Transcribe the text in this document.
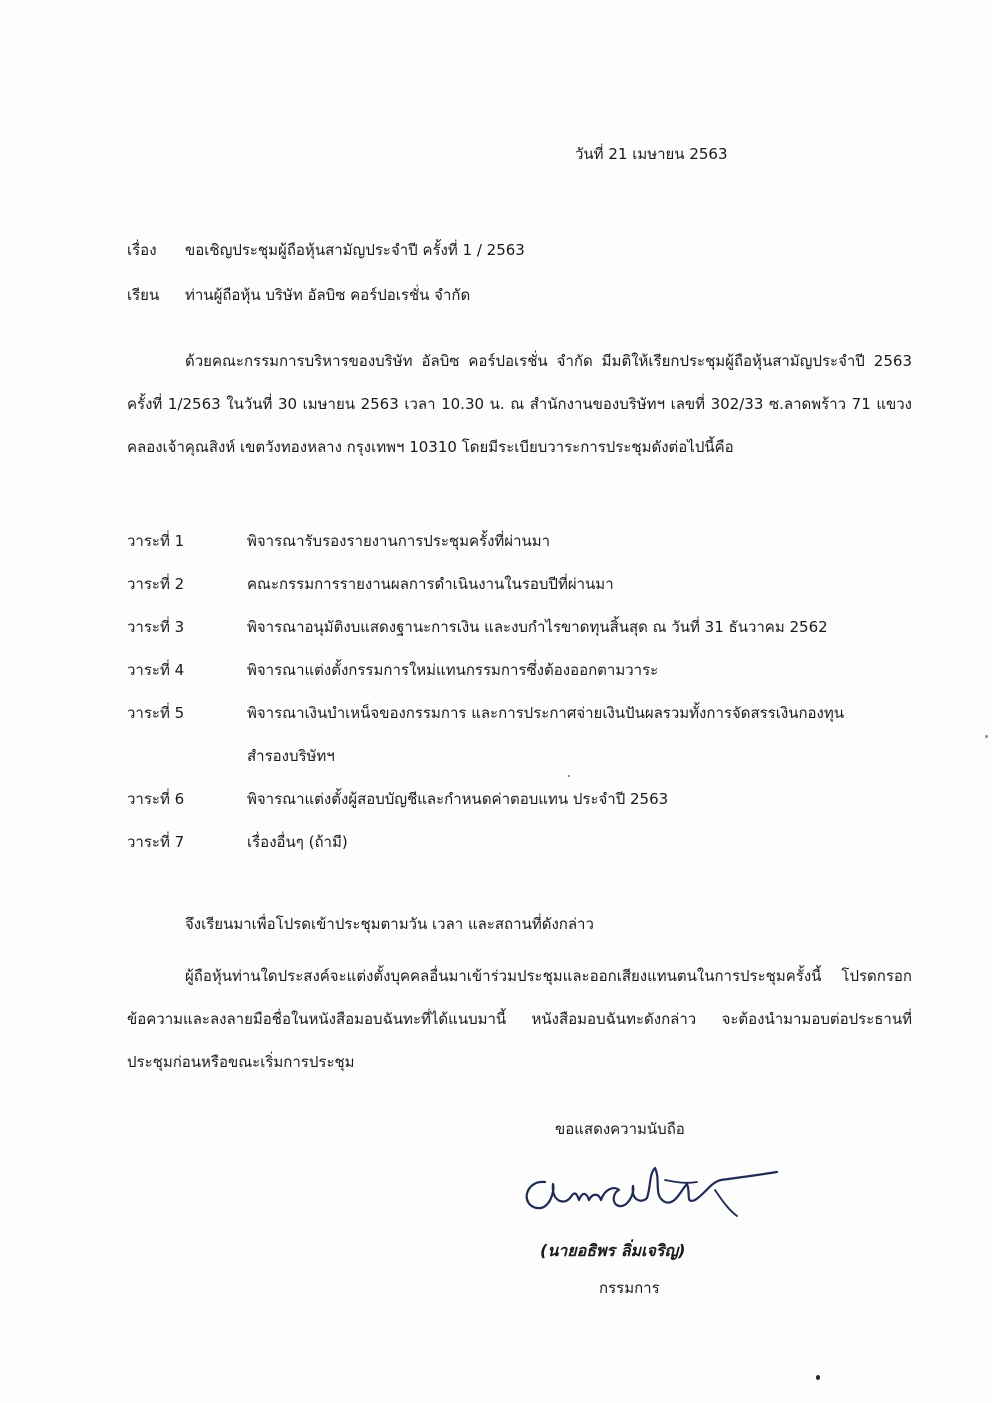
วันที่ 21 เมษายน 2563
เรื่อง ขอเชิญประชุมผู้ถือหุ้นสามัญประจำปี ครั้งที่ 1 / 2563
เรียน ท่านผู้ถือหุ้น บริษัท อัลบิซ คอร์ปอเรชั่น จำกัด

ด้วยคณะกรรมการบริหารของบริษัท อัลบิซ คอร์ปอเรชั่น จำกัด มีมติให้เรียกประชุมผู้ถือหุ้นสามัญประจำปี 2563 ครั้งที่ 1/2563 ในวันที่ 30 เมษายน 2563 เวลา 10.30 น. ณ สำนักงานของบริษัทฯ เลขที่ 302/33 ซ.ลาดพร้าว 71 แขวงคลองเจ้าคุณสิงห์ เขตวังทองหลาง กรุงเทพฯ 10310 โดยมีระเบียบวาระการประชุมดังต่อไปนี้คือ

วาระที่ 1	พิจารณารับรองรายงานการประชุมครั้งที่ผ่านมา
วาระที่ 2	คณะกรรมการรายงานผลการดำเนินงานในรอบปีที่ผ่านมา
วาระที่ 3	พิจารณาอนุมัติงบแสดงฐานะการเงิน และงบกำไรขาดทุนสิ้นสุด ณ วันที่ 31 ธันวาคม 2562
วาระที่ 4	พิจารณาแต่งตั้งกรรมการใหม่แทนกรรมการซึ่งต้องออกตามวาระ
วาระที่ 5	พิจารณาเงินบำเหน็จของกรรมการ และการประกาศจ่ายเงินปันผลรวมทั้งการจัดสรรเงินกองทุนสำรองบริษัทฯ
วาระที่ 6	พิจารณาแต่งตั้งผู้สอบบัญชีและกำหนดค่าตอบแทน ประจำปี 2563
วาระที่ 7	เรื่องอื่นๆ (ถ้ามี)

จึงเรียนมาเพื่อโปรดเข้าประชุมตามวัน เวลา และสถานที่ดังกล่าว

ผู้ถือหุ้นท่านใดประสงค์จะแต่งตั้งบุคคลอื่นมาเข้าร่วมประชุมและออกเสียงแทนตนในการประชุมครั้งนี้ โปรดกรอกข้อความและลงลายมือชื่อในหนังสือมอบฉันทะที่ได้แนบมานี้ หนังสือมอบฉันทะดังกล่าว จะต้องนำมามอบต่อประธานที่ประชุมก่อนหรือขณะเริ่มการประชุม

ขอแสดงความนับถือ
(นายอธิพร ลิ่มเจริญ)
กรรมการ
